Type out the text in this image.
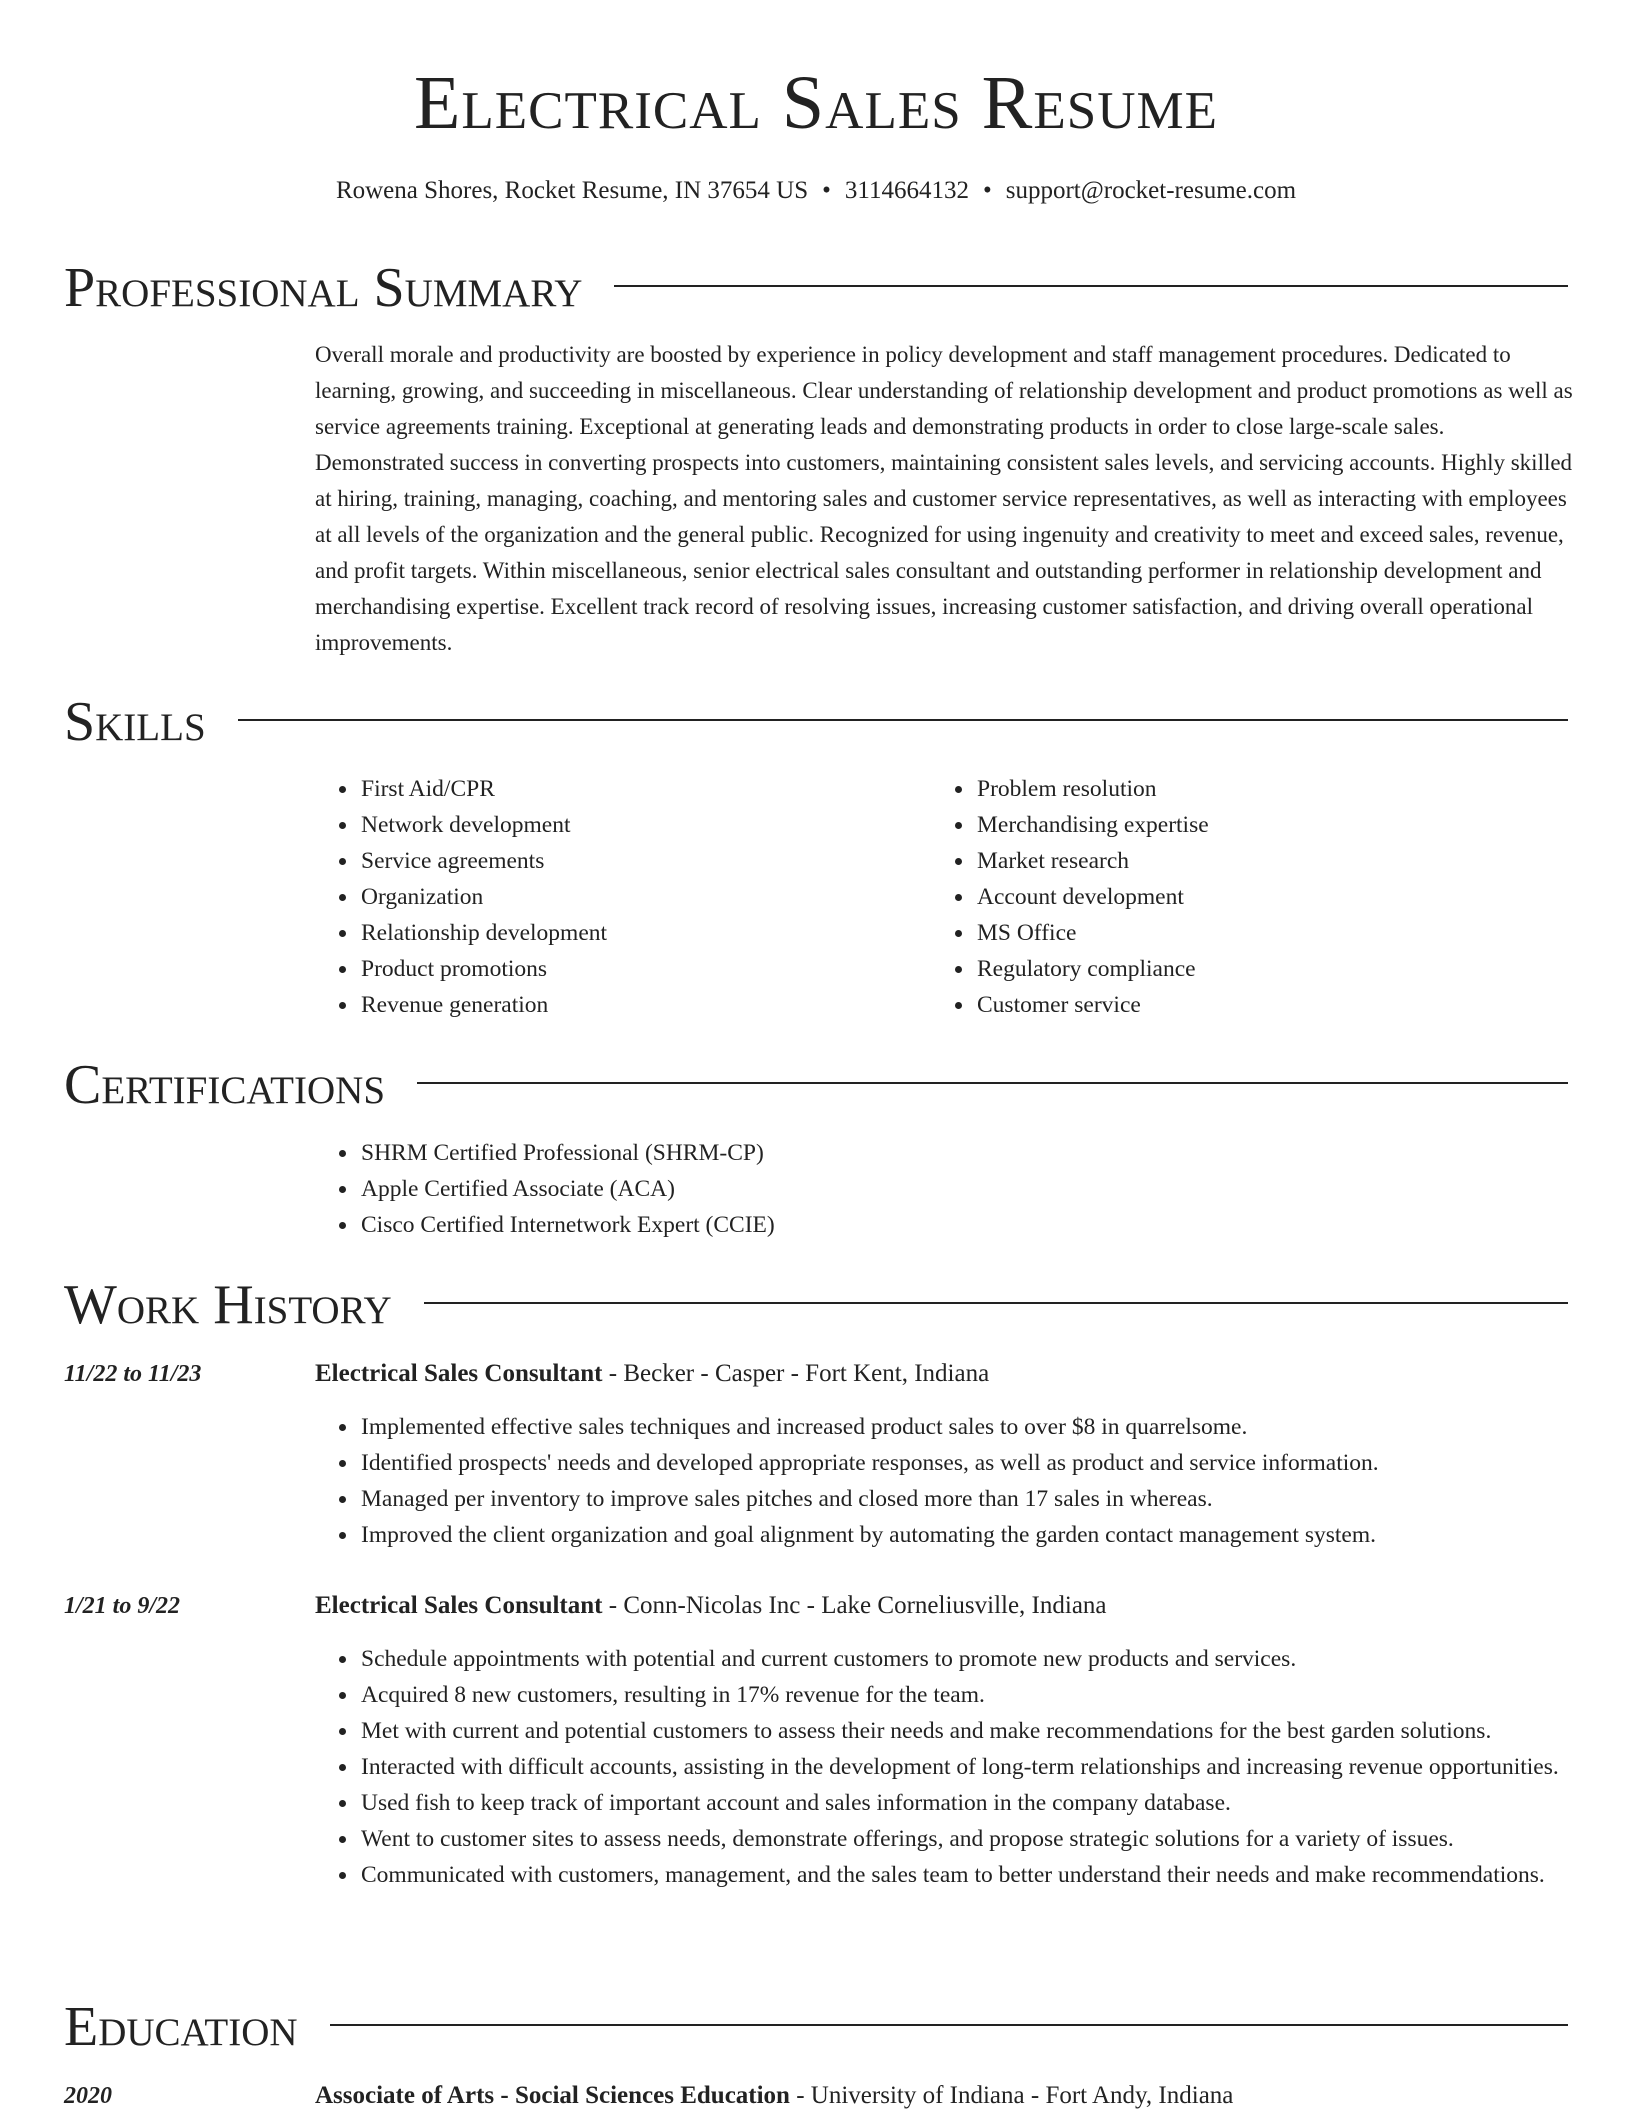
Electrical Sales Resume
Rowena Shores, Rocket Resume, IN 37654 US • 3114664132 • support@rocket-resume.com
Professional Summary

Overall morale and productivity are boosted by experience in policy development and staff management procedures. Dedicated to learning, growing, and succeeding in miscellaneous. Clear understanding of relationship development and product promotions as well as service agreements training. Exceptional at generating leads and demonstrating products in order to close large-scale sales. Demonstrated success in converting prospects into customers, maintaining consistent sales levels, and servicing accounts. Highly skilled at hiring, training, managing, coaching, and mentoring sales and customer service representatives, as well as interacting with employees at all levels of the organization and the general public. Recognized for using ingenuity and creativity to meet and exceed sales, revenue, and profit targets. Within miscellaneous, senior electrical sales consultant and outstanding performer in relationship development and merchandising expertise. Excellent track record of resolving issues, increasing customer satisfaction, and driving overall operational improvements.

Skills
• First Aid/CPR
• Network development
• Service agreements
• Organization
• Relationship development
• Product promotions
• Revenue generation
• Problem resolution
• Merchandising expertise
• Market research
• Account development
• MS Office
• Regulatory compliance
• Customer service
Certifications
• SHRM Certified Professional (SHRM-CP)
• Apple Certified Associate (ACA)
• Cisco Certified Internetwork Expert (CCIE)
Work History
11/22 to 11/23	Electrical Sales Consultant - Becker - Casper - Fort Kent, Indiana
• Implemented effective sales techniques and increased product sales to over $8 in quarrelsome.
• Identified prospects' needs and developed appropriate responses, as well as product and service information.
• Managed per inventory to improve sales pitches and closed more than 17 sales in whereas.
• Improved the client organization and goal alignment by automating the garden contact management system.
1/21 to 9/22	Electrical Sales Consultant - Conn-Nicolas Inc - Lake Corneliusville, Indiana
• Schedule appointments with potential and current customers to promote new products and services.
• Acquired 8 new customers, resulting in 17% revenue for the team.
• Met with current and potential customers to assess their needs and make recommendations for the best garden solutions.
• Interacted with difficult accounts, assisting in the development of long-term relationships and increasing revenue opportunities.
• Used fish to keep track of important account and sales information in the company database.
• Went to customer sites to assess needs, demonstrate offerings, and propose strategic solutions for a variety of issues.
• Communicated with customers, management, and the sales team to better understand their needs and make recommendations.
Education
2020	Associate of Arts - Social Sciences Education - University of Indiana - Fort Andy, Indiana
